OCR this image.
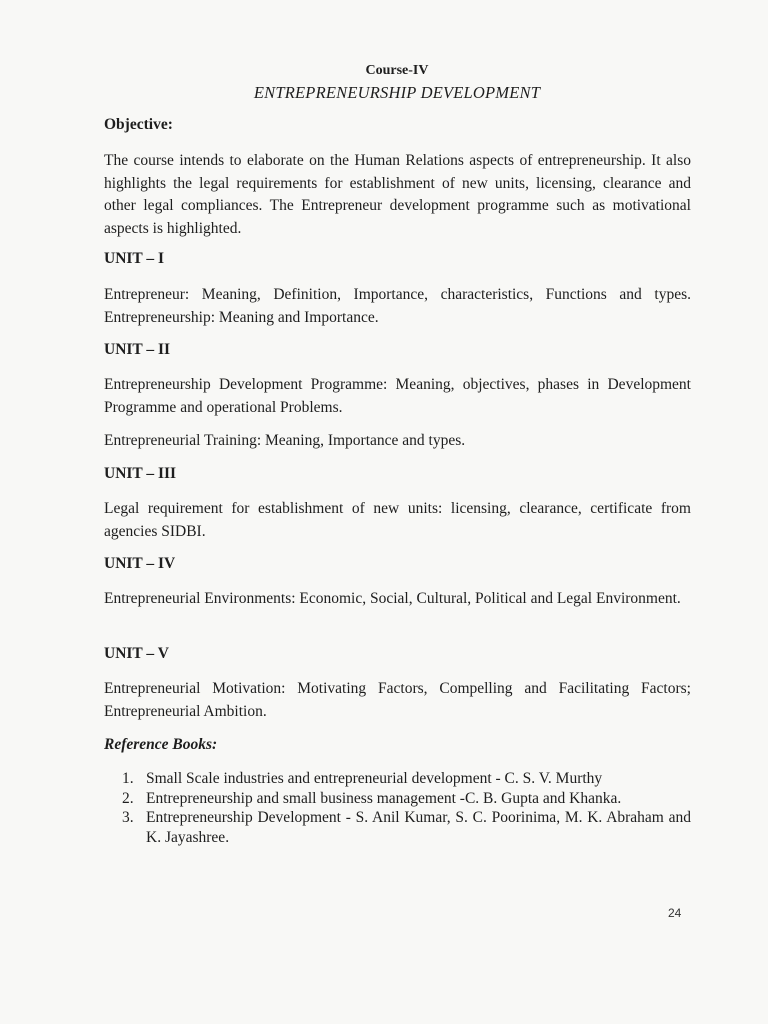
Course-IV
ENTREPRENEURSHIP DEVELOPMENT
Objective:
The course intends to elaborate on the Human Relations aspects of entrepreneurship. It also highlights the legal requirements for establishment of new units, licensing, clearance and other legal compliances. The Entrepreneur development programme such as motivational aspects is highlighted.
UNIT – I
Entrepreneur: Meaning, Definition, Importance, characteristics, Functions and types. Entrepreneurship: Meaning and Importance.
UNIT – II
Entrepreneurship Development Programme: Meaning, objectives, phases in Development Programme and operational Problems.
Entrepreneurial Training: Meaning, Importance and types.
UNIT – III
Legal requirement for establishment of new units: licensing, clearance, certificate from agencies SIDBI.
UNIT – IV
Entrepreneurial Environments: Economic, Social, Cultural, Political and Legal Environment.
UNIT – V
Entrepreneurial Motivation: Motivating Factors, Compelling and Facilitating Factors; Entrepreneurial Ambition.
Reference Books:
1. Small Scale industries and entrepreneurial development - C. S. V. Murthy
2. Entrepreneurship and small business management -C. B. Gupta and Khanka.
3. Entrepreneurship Development - S. Anil Kumar, S. C. Poorinima, M. K. Abraham and K. Jayashree.
24
